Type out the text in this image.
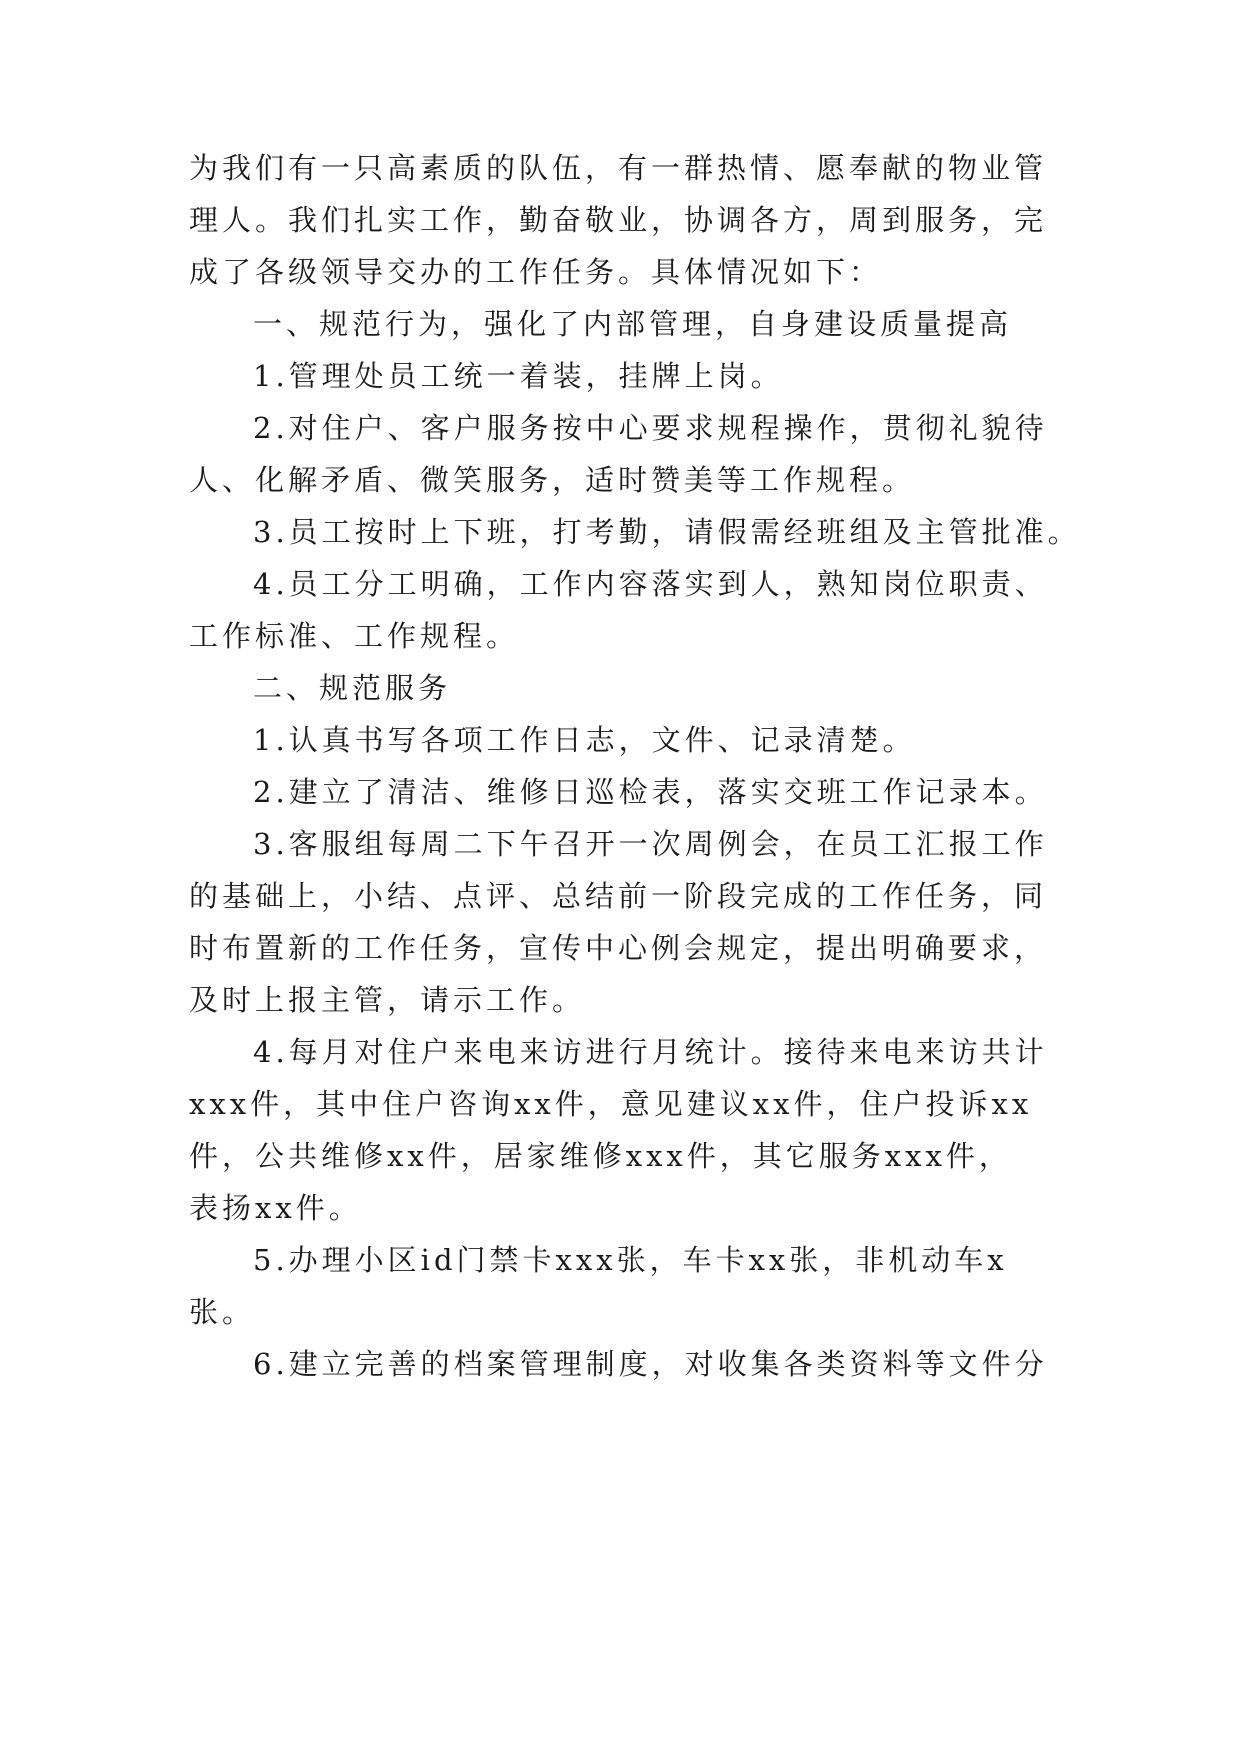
为我们有一只高素质的队伍，有一群热情、愿奉献的物业管
理人。我们扎实工作，勤奋敬业，协调各方，周到服务，完
成了各级领导交办的工作任务。具体情况如下：
一、规范行为，强化了内部管理，自身建设质量提高
1.管理处员工统一着装，挂牌上岗。
2.对住户、客户服务按中心要求规程操作，贯彻礼貌待
人、化解矛盾、微笑服务，适时赞美等工作规程。
3.员工按时上下班，打考勤，请假需经班组及主管批准。
4.员工分工明确，工作内容落实到人，熟知岗位职责、
工作标准、工作规程。
二、规范服务
1.认真书写各项工作日志，文件、记录清楚。
2.建立了清洁、维修日巡检表，落实交班工作记录本。
3.客服组每周二下午召开一次周例会，在员工汇报工作
的基础上，小结、点评、总结前一阶段完成的工作任务，同
时布置新的工作任务，宣传中心例会规定，提出明确要求，
及时上报主管，请示工作。
4.每月对住户来电来访进行月统计。接待来电来访共计
xxx件，其中住户咨询xx件，意见建议xx件，住户投诉xx
件，公共维修xx件，居家维修xxx件，其它服务xxx件，
表扬xx件。
5.办理小区id门禁卡xxx张，车卡xx张，非机动车x
张。
6.建立完善的档案管理制度，对收集各类资料等文件分
